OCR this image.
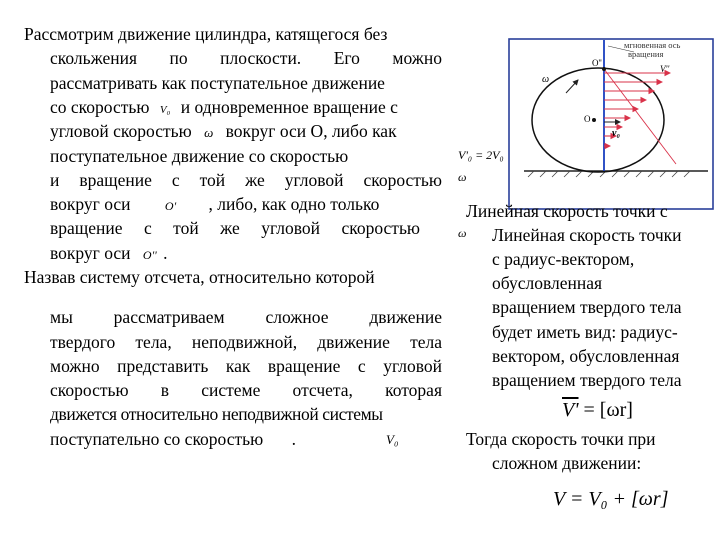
Рассмотрим движение цилиндра, катящегося без
скольжения по плоскости. Его можно
рассматривать как поступательное движение
со скоростью V₀ и одновременное вращение с
угловой скоростью ω вокруг оси О, либо как
поступательное движение со скоростью
и вращение с той же угловой скоростью
вокруг оси	O' , либо, как одно только
вращение с той же угловой скоростью
вокруг оси O'' .
Назвав систему отсчета, относительно которой
мы рассматриваем сложное движение
твердого тела, неподвижной, движение тела
можно представить как вращение с угловой
скоростью в системе отсчета, которая
движется относительно неподвижной системы
поступательно со скоростью .	V₀
мгновенная ось
вращения
ω
O''
V''
O
v₀
V'₀ = 2V₀
ω
ω
Линейная скорость точки с
Линейная скорость точки
с радиус-вектором,
обусловленная
вращением твердого тела
будет иметь вид: радиус-
вектором, обусловленная
вращением твердого тела
V' = [ωr]
Тогда скорость точки при
сложном движении:
V = V₀ + [ωr]
